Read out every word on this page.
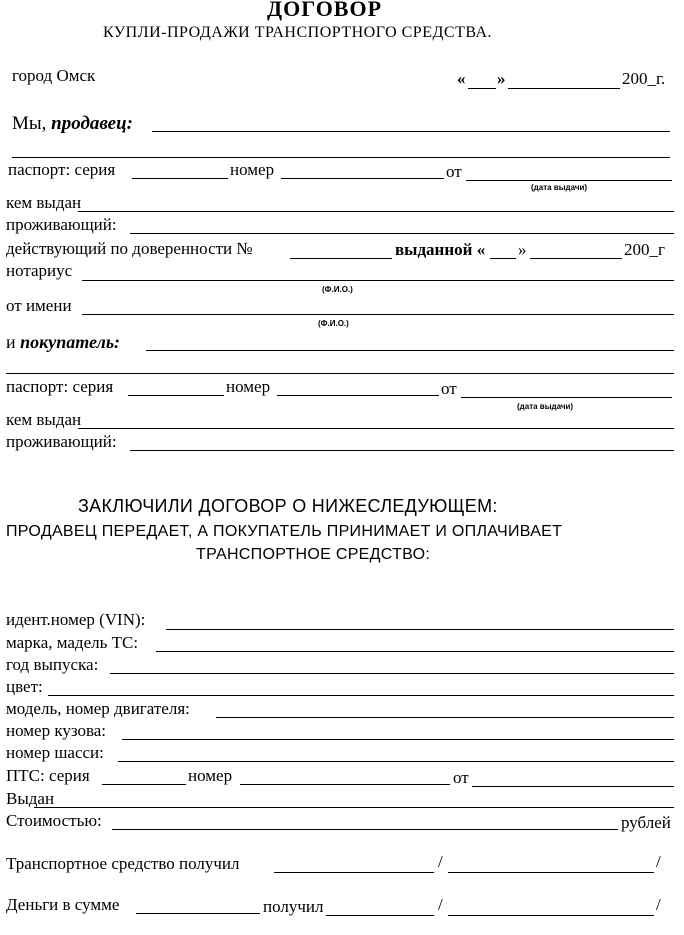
ДОГОВОР
КУПЛИ-ПРОДАЖИ ТРАНСПОРТНОГО СРЕДСТВА.
город Омск	« »	200_г.
Мы, продавец:
паспорт: серия	номер	от
(дата выдачи)
кем выдан
проживающий:
действующий по доверенности №	выданной « »	200_г
нотариус
(Ф.И.О.)
от имени
(Ф.И.О.)
и покупатель:
паспорт: серия	номер	от
(дата выдачи)
кем выдан
проживающий:
ЗАКЛЮЧИЛИ ДОГОВОР О НИЖЕСЛЕДУЮЩЕМ:
ПРОДАВЕЦ ПЕРЕДАЕТ, А ПОКУПАТЕЛЬ ПРИНИМАЕТ И ОПЛАЧИВАЕТ
ТРАНСПОРТНОЕ СРЕДСТВО:
идент.номер (VIN):
марка, мадель ТС:
год выпуска:
цвет:
модель, номер двигателя:
номер кузова:
номер шасси:
ПТС: серия	номер	от
Выдан
Стоимостью:	рублей
Транспортное средство получил	/	/
Деньги в сумме	получил	/	/
